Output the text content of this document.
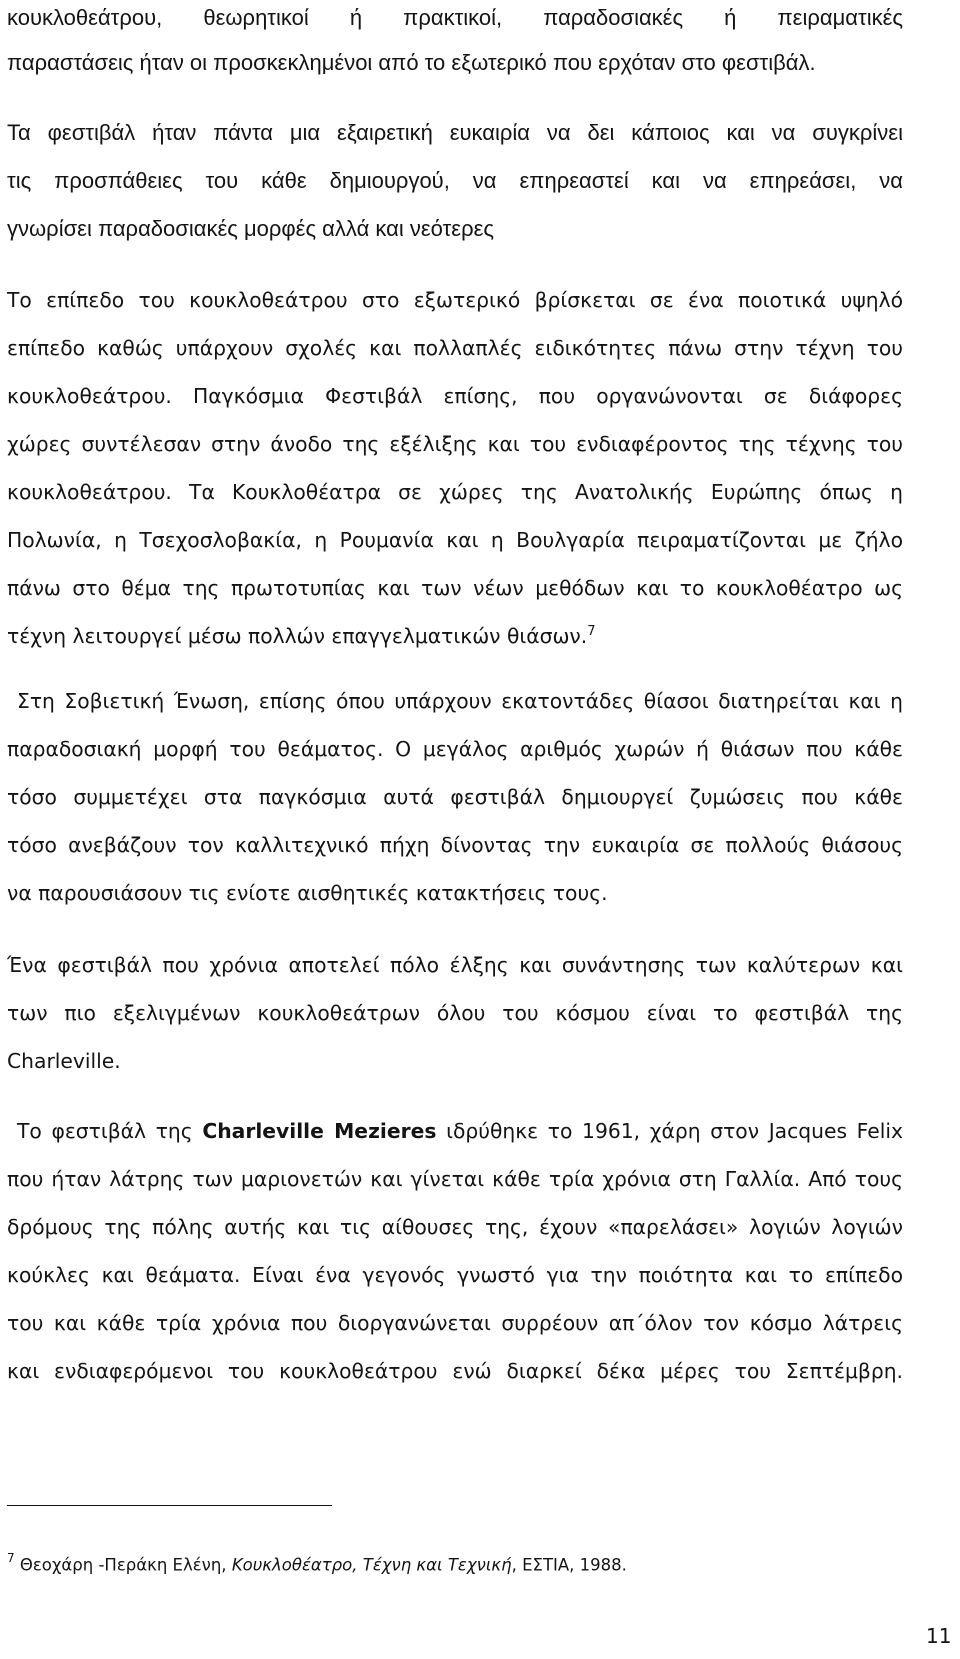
κουκλοθεάτρου, θεωρητικοί ή πρακτικοί, παραδοσιακές ή πειραματικές
παραστάσεις ήταν οι προσκεκλημένοι από το εξωτερικό που ερχόταν στο φεστιβάλ.
Τα φεστιβάλ ήταν πάντα μια εξαιρετική ευκαιρία να δει κάποιος και να συγκρίνει
τις προσπάθειες του κάθε δημιουργού, να επηρεαστεί και να επηρεάσει, να
γνωρίσει παραδοσιακές μορφές αλλά και νεότερες
Το επίπεδο του κουκλοθεάτρου στο εξωτερικό βρίσκεται σε ένα ποιοτικά υψηλό
επίπεδο καθώς υπάρχουν σχολές και πολλαπλές ειδικότητες πάνω στην τέχνη του
κουκλοθεάτρου. Παγκόσμια Φεστιβάλ επίσης, που οργανώνονται σε διάφορες
χώρες συντέλεσαν στην άνοδο της εξέλιξης και του ενδιαφέροντος της τέχνης του
κουκλοθεάτρου. Τα Κουκλοθέατρα σε χώρες της Ανατολικής Ευρώπης όπως η
Πολωνία, η Τσεχοσλοβακία, η Ρουμανία και η Βουλγαρία πειραματίζονται με ζήλο
πάνω στο θέμα της πρωτοτυπίας και των νέων μεθόδων και το κουκλοθέατρο ως
τέχνη λειτουργεί μέσω πολλών επαγγελματικών θιάσων.$^7$
Στη Σοβιετική Ένωση, επίσης όπου υπάρχουν εκατοντάδες θίασοι διατηρείται και η
παραδοσιακή μορφή του θεάματος. Ο μεγάλος αριθμός χωρών ή θιάσων που κάθε
τόσο συμμετέχει στα παγκόσμια αυτά φεστιβάλ δημιουργεί ζυμώσεις που κάθε
τόσο ανεβάζουν τον καλλιτεχνικό πήχη δίνοντας την ευκαιρία σε πολλούς θιάσους
να παρουσιάσουν τις ενίοτε αισθητικές κατακτήσεις τους.
Ένα φεστιβάλ που χρόνια αποτελεί πόλο έλξης και συνάντησης των καλύτερων και
των πιο εξελιγμένων κουκλοθεάτρων όλου του κόσμου είναι το φεστιβάλ της
Charleville.
Το φεστιβάλ της Charleville Mezieres ιδρύθηκε το 1961, χάρη στον Jacques Felix
που ήταν λάτρης των μαριονετών και γίνεται κάθε τρία χρόνια στη Γαλλία. Από τους
δρόμους της πόλης αυτής και τις αίθουσες της, έχουν «παρελάσει» λογιών λογιών
κούκλες και θεάματα. Είναι ένα γεγονός γνωστό για την ποιότητα και το επίπεδο
του και κάθε τρία χρόνια που διοργανώνεται συρρέουν απ΄όλον τον κόσμο λάτρεις
και ενδιαφερόμενοι του κουκλοθεάτρου ενώ διαρκεί δέκα μέρες του Σεπτέμβρη.
$^7$ Θεοχάρη -Περάκη Ελένη, Κουκλοθέατρο, Τέχνη και Τεχνική, ΕΣΤΙΑ, 1988.
11
